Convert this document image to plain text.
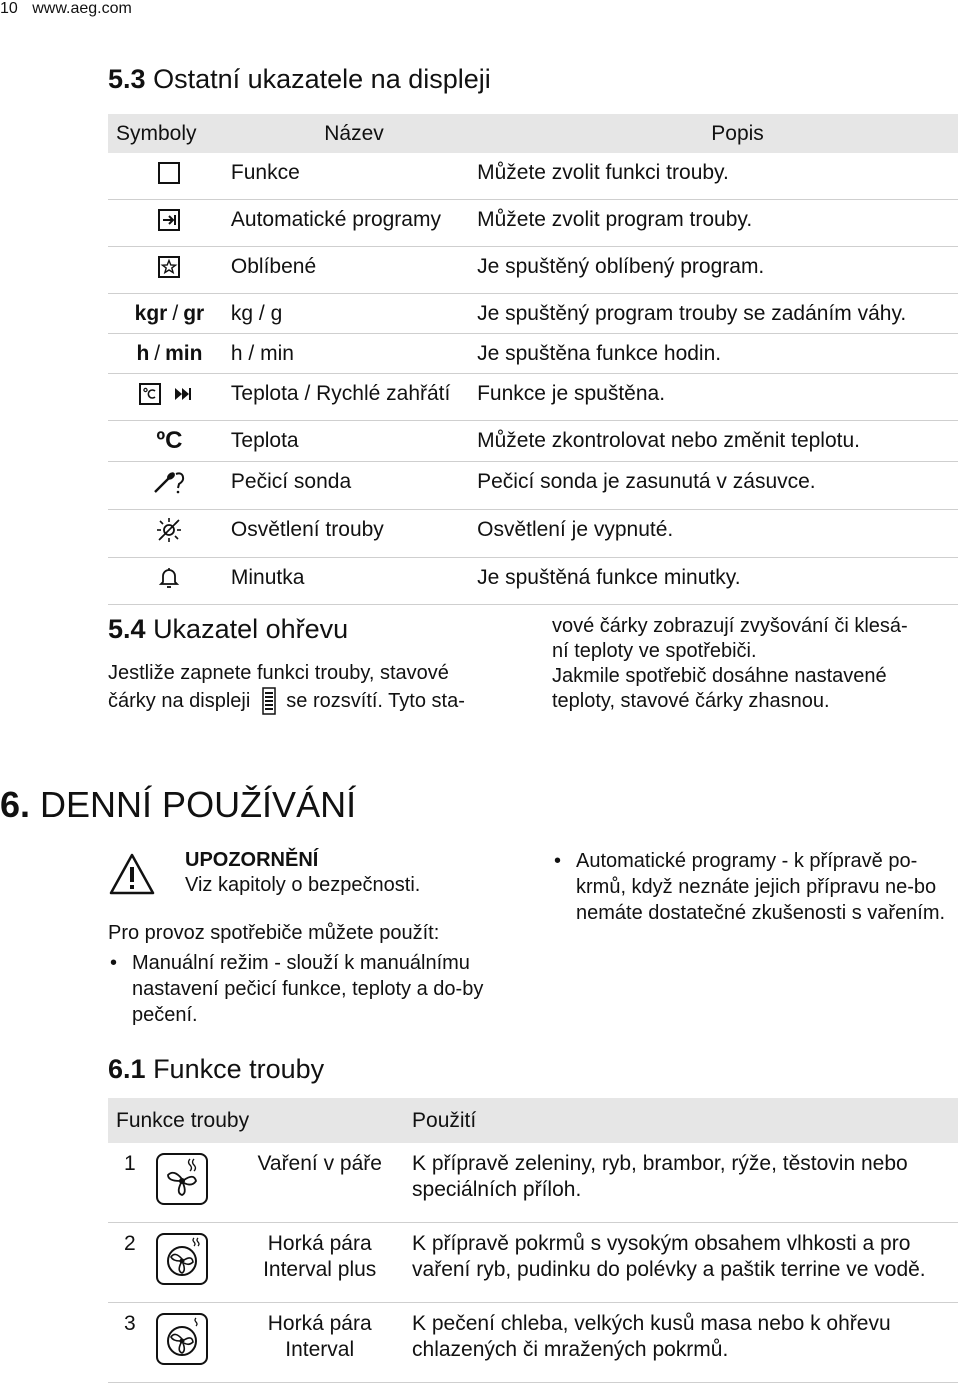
10 www.aeg.com
5.3 Ostatní ukazatele na displeji
Symboly	Název	Popis

	Funkce	Můžete zvolit funkci trouby.

	Automatické programy	Můžete zvolit program trouby.

	Oblíbené	Je spuštěný oblíbený program.

kgr / gr	kg / g	Je spuštěný program trouby se zadáním váhy.

h / min	h / min	Je spuštěna funkce hodin.

	Teplota / Rychlé zahřátí	Funkce je spuštěna.

ºC	Teplota	Můžete zkontrolovat nebo změnit teplotu.

	Pečicí sonda	Pečicí sonda je zasunutá v zásuvce.

	Osvětlení trouby	Osvětlení je vypnuté.

	Minutka	Je spuštěná funkce minutky.
5.4 Ukazatel ohřevu
Jestliže zapnete funkci trouby, stavové
čárky na displeji se rozsvítí. Tyto sta-
vové čárky zobrazují zvyšování či klesá-
ní teploty ve spotřebiči.
Jakmile spotřebič dosáhne nastavené
teploty, stavové čárky zhasnou.
6. DENNÍ POUŽÍVÁNÍ
UPOZORNĚNÍ
Viz kapitoly o bezpečnosti.
Pro provoz spotřebiče můžete použít:
• Manuální režim - slouží k manuálnímu nastavení pečicí funkce, teploty a do-by pečení.
• Automatické programy - k přípravě po-krmů, když neznáte jejich přípravu ne-bo nemáte dostatečné zkušenosti s vařením.
6.1 Funkce trouby
Funkce trouby			Použití
1		Vaření v páře	K přípravě zeleniny, ryb, brambor, rýže, těstovin nebo speciálních příloh.
2		Horká pára Interval plus	K přípravě pokrmů s vysokým obsahem vlhkosti a pro vaření ryb, pudinku do polévky a paštik terrine ve vodě.
3		Horká pára Interval	K pečení chleba, velkých kusů masa nebo k ohřevu chlazených či mražených pokrmů.
